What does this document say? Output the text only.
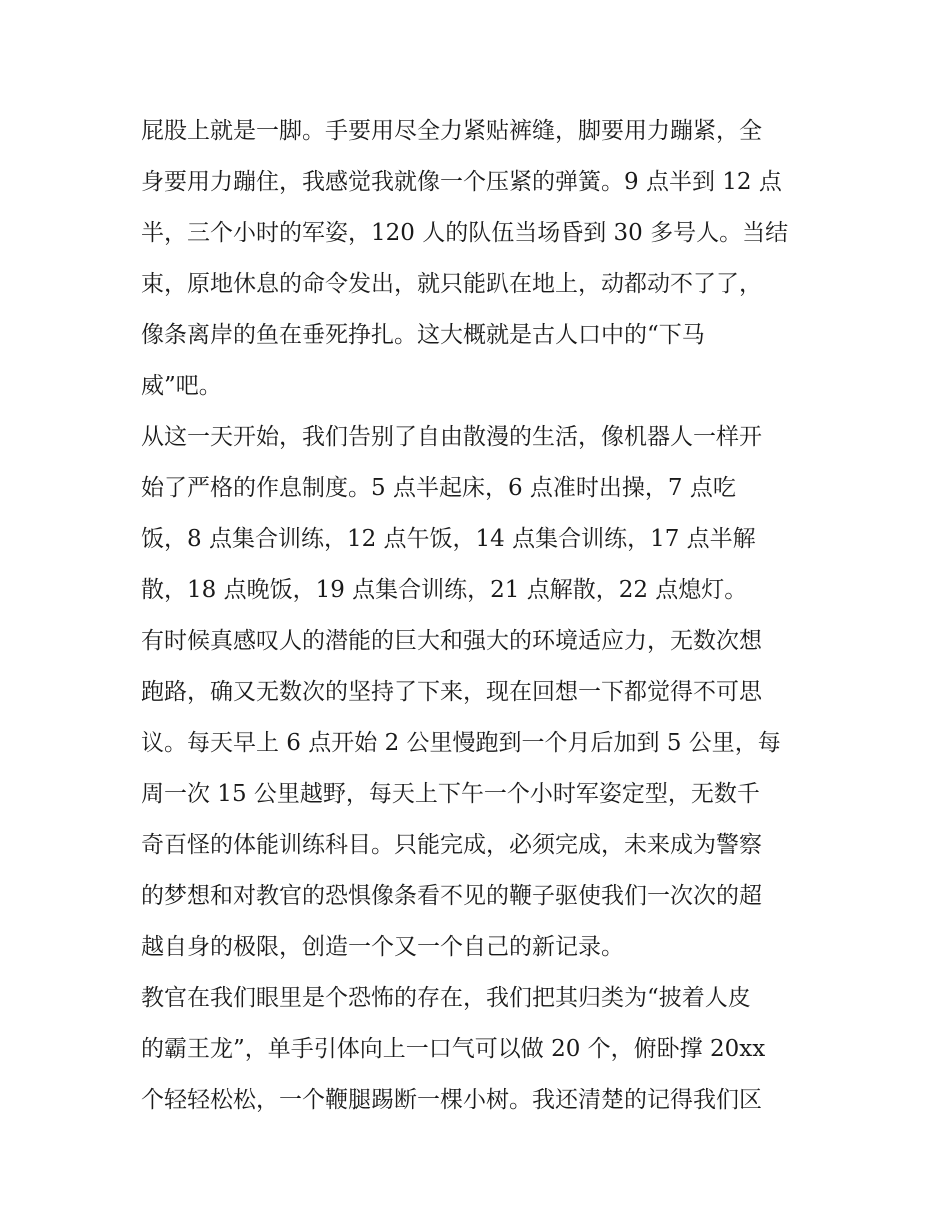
屁股上就是一脚。手要用尽全力紧贴裤缝，脚要用力蹦紧，全
身要用力蹦住，我感觉我就像一个压紧的弹簧。9 点半到 12 点
半，三个小时的军姿，120 人的队伍当场昏到 30 多号人。当结
束，原地休息的命令发出，就只能趴在地上，动都动不了了，
像条离岸的鱼在垂死挣扎。这大概就是古人口中的“下马
威”吧。
从这一天开始，我们告别了自由散漫的生活，像机器人一样开
始了严格的作息制度。5 点半起床，6 点准时出操，7 点吃
饭，8 点集合训练，12 点午饭，14 点集合训练，17 点半解
散，18 点晚饭，19 点集合训练，21 点解散，22 点熄灯。
有时候真感叹人的潜能的巨大和强大的环境适应力，无数次想
跑路，确又无数次的坚持了下来，现在回想一下都觉得不可思
议。每天早上 6 点开始 2 公里慢跑到一个月后加到 5 公里，每
周一次 15 公里越野，每天上下午一个小时军姿定型，无数千
奇百怪的体能训练科目。只能完成，必须完成，未来成为警察
的梦想和对教官的恐惧像条看不见的鞭子驱使我们一次次的超
越自身的极限，创造一个又一个自己的新记录。
教官在我们眼里是个恐怖的存在，我们把其归类为“披着人皮
的霸王龙”，单手引体向上一口气可以做 20 个，俯卧撑 20xx
个轻轻松松，一个鞭腿踢断一棵小树。我还清楚的记得我们区
